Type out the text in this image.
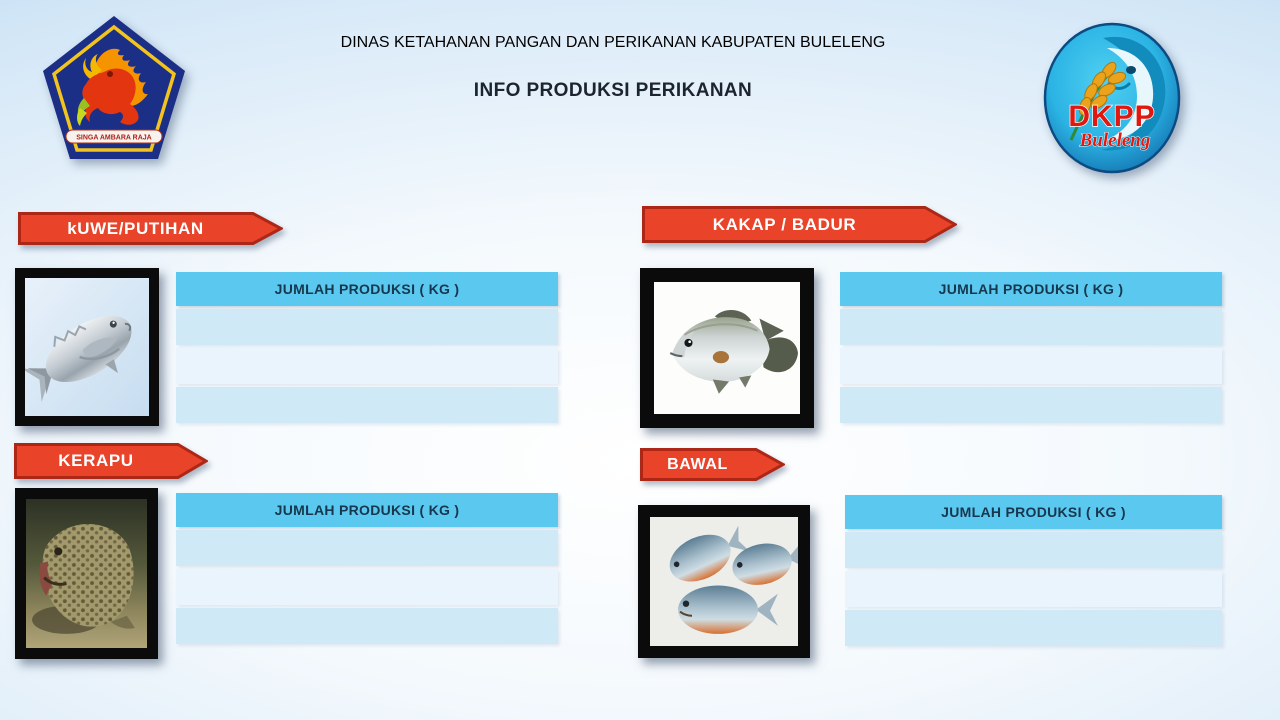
DINAS KETAHANAN PANGAN DAN PERIKANAN KABUPATEN BULELENG
INFO PRODUKSI PERIKANAN
SINGA AMBARA RAJA
DKPP
Buleleng
kUWE/PUTIHAN	KAKAP / BADUR
KERAPU	BAWAL
JUMLAH PRODUKSI ( KG )	JUMLAH PRODUKSI ( KG )
JUMLAH PRODUKSI ( KG )	JUMLAH PRODUKSI ( KG )
